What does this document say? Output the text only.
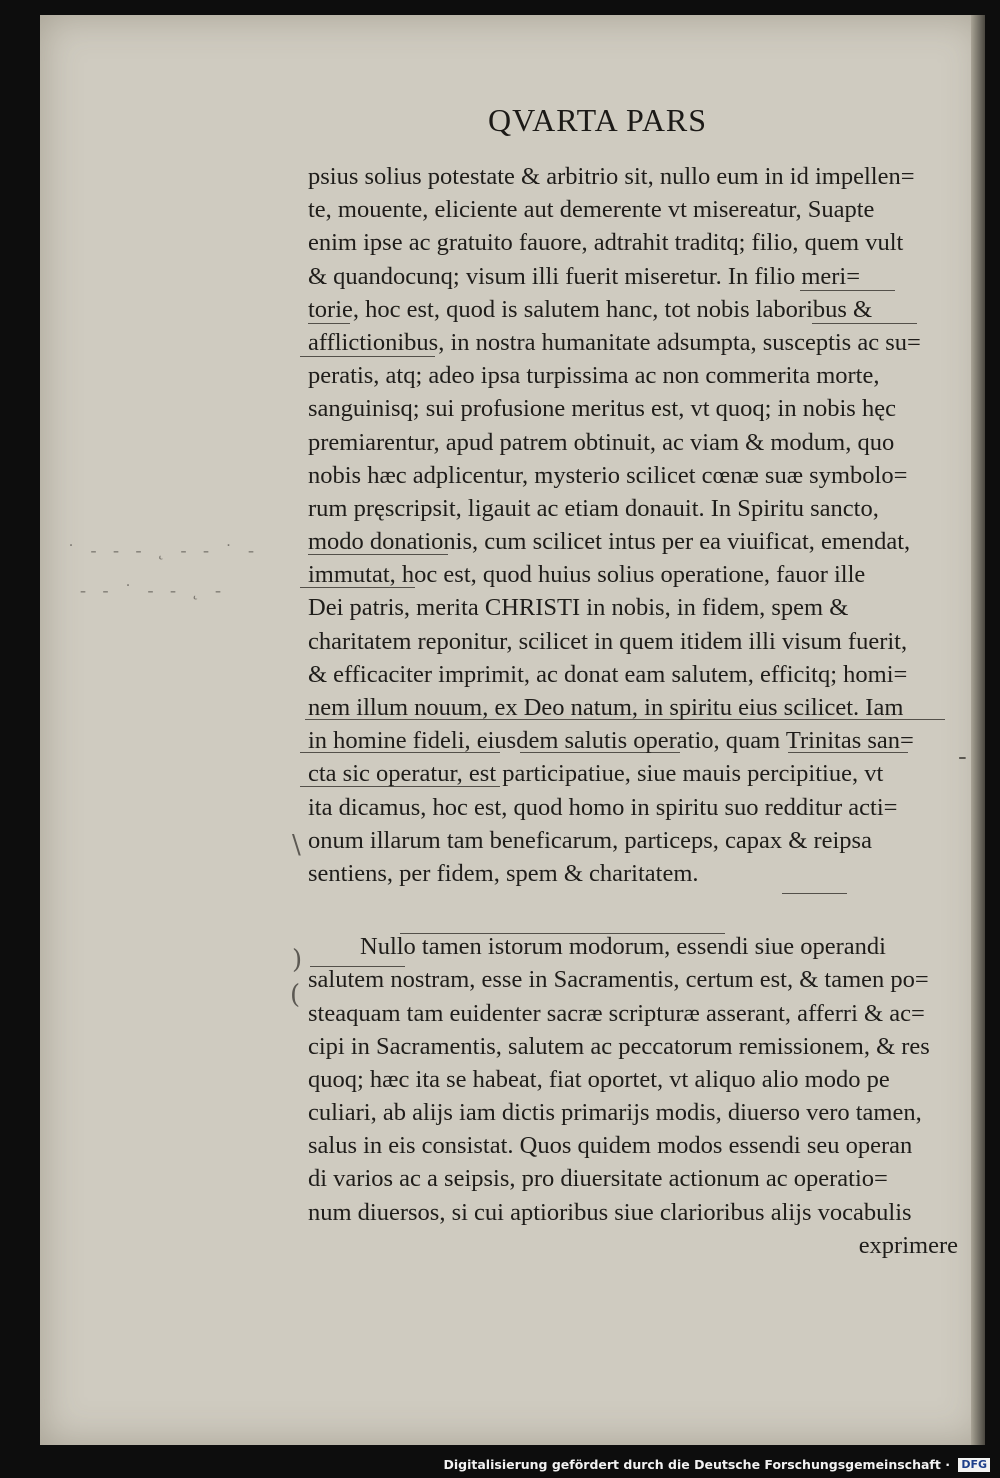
QVARTA PARS
psius solius potestate & arbitrio sit, nullo eum in id impellen=
te, mouente, eliciente aut demerente vt misereatur, Suapte
enim ipse ac gratuito fauore, adtrahit traditq; filio, quem vult
& quandocunq; visum illi fuerit miseretur. In filio meri=
torie, hoc est, quod is salutem hanc, tot nobis laboribus &
afflictionibus, in nostra humanitate adsumpta, susceptis ac su=
peratis, atq; adeo ipsa turpissima ac non commerita morte,
sanguinisq; sui profusione meritus est, vt quoq; in nobis hęc
premiarentur, apud patrem obtinuit, ac viam & modum, quo
nobis hæc adplicentur, mysterio scilicet cœnæ suæ symbolo=
rum pręscripsit, ligauit ac etiam donauit. In Spiritu sancto,
modo donationis, cum scilicet intus per ea viuificat, emendat,
immutat, hoc est, quod huius solius operatione, fauor ille
Dei patris, merita CHRISTI in nobis, in fidem, spem &
charitatem reponitur, scilicet in quem itidem illi visum fuerit,
& efficaciter imprimit, ac donat eam salutem, efficitq; homi=
nem illum nouum, ex Deo natum, in spiritu eius scilicet. Iam
in homine fideli, eiusdem salutis operatio, quam Trinitas san=
cta sic operatur, est participatiue, siue mauis percipitiue, vt
ita dicamus, hoc est, quod homo in spiritu suo redditur acti=
onum illarum tam beneficarum, particeps, capax & reipsa
sentiens, per fidem, spem & charitatem.
Nullo tamen istorum modorum, essendi siue operandi
salutem nostram, esse in Sacramentis, certum est, & tamen po=
steaquam tam euidenter sacræ scripturæ asserant, afferri & ac=
cipi in Sacramentis, salutem ac peccatorum remissionem, & res
quoq; hæc ita se habeat, fiat oportet, vt aliquo alio modo pe
culiari, ab alijs iam dictis primarijs modis, diuerso vero tamen,
salus in eis consistat. Quos quidem modos essendi seu operan
di varios ac a seipsis, pro diuersitate actionum ac operatio=
num diuersos, si cui aptioribus siue clarioribus alijs vocabulis
exprimere
˙ - - - ˛ - - ˙ -
- - ˙ - - ˛ -
\
)
(
-
Digitalisierung gefördert durch die Deutsche Forschungsgemeinschaft · DFG
